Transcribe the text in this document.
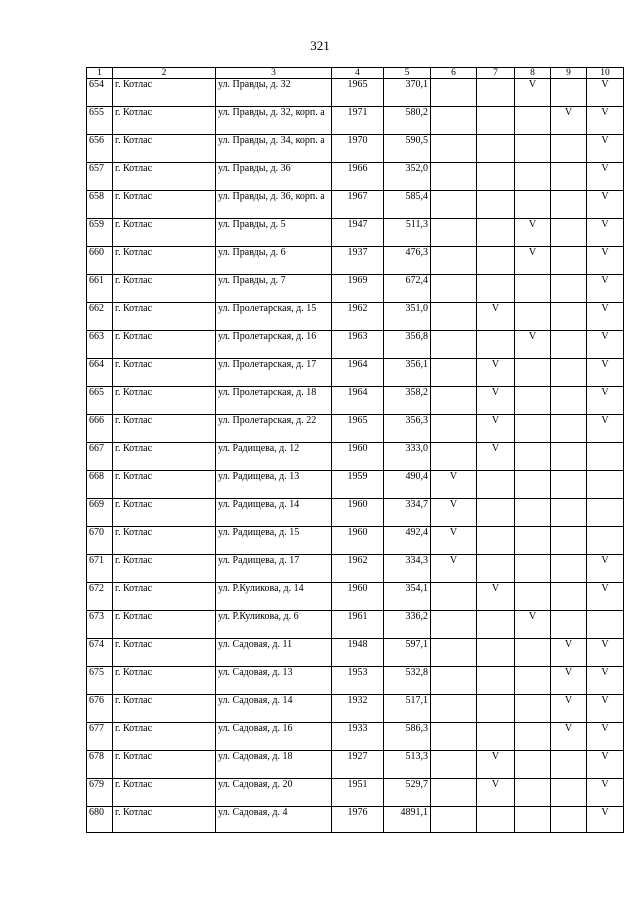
321
1	2	3	4	5	6	7	8	9	10
654	г. Котлас	ул. Правды, д. 32	1965	370,1			V		V
655	г. Котлас	ул. Правды, д. 32, корп. а	1971	580,2				V	V
656	г. Котлас	ул. Правды, д. 34, корп. а	1970	590,5					V
657	г. Котлас	ул. Правды, д. 36	1966	352,0					V
658	г. Котлас	ул. Правды, д. 36, корп. а	1967	585,4					V
659	г. Котлас	ул. Правды, д. 5	1947	511,3			V		V
660	г. Котлас	ул. Правды, д. 6	1937	476,3			V		V
661	г. Котлас	ул. Правды, д. 7	1969	672,4					V
662	г. Котлас	ул. Пролетарская, д. 15	1962	351,0		V			V
663	г. Котлас	ул. Пролетарская, д. 16	1963	356,8			V		V
664	г. Котлас	ул. Пролетарская, д. 17	1964	356,1		V			V
665	г. Котлас	ул. Пролетарская, д. 18	1964	358,2		V			V
666	г. Котлас	ул. Пролетарская, д. 22	1965	356,3		V			V
667	г. Котлас	ул. Радищева, д. 12	1960	333,0		V			
668	г. Котлас	ул. Радищева, д. 13	1959	490,4	V				
669	г. Котлас	ул. Радищева, д. 14	1960	334,7	V				
670	г. Котлас	ул. Радищева, д. 15	1960	492,4	V				
671	г. Котлас	ул. Радищева, д. 17	1962	334,3	V				V
672	г. Котлас	ул. Р.Куликова, д. 14	1960	354,1		V			V
673	г. Котлас	ул. Р.Куликова, д. 6	1961	336,2			V		
674	г. Котлас	ул. Садовая, д. 11	1948	597,1				V	V
675	г. Котлас	ул. Садовая, д. 13	1953	532,8				V	V
676	г. Котлас	ул. Садовая, д. 14	1932	517,1				V	V
677	г. Котлас	ул. Садовая, д. 16	1933	586,3				V	V
678	г. Котлас	ул. Садовая, д. 18	1927	513,3		V			V
679	г. Котлас	ул. Садовая, д. 20	1951	529,7		V			V
680	г. Котлас	ул. Садовая, д. 4	1976	4891,1					V
